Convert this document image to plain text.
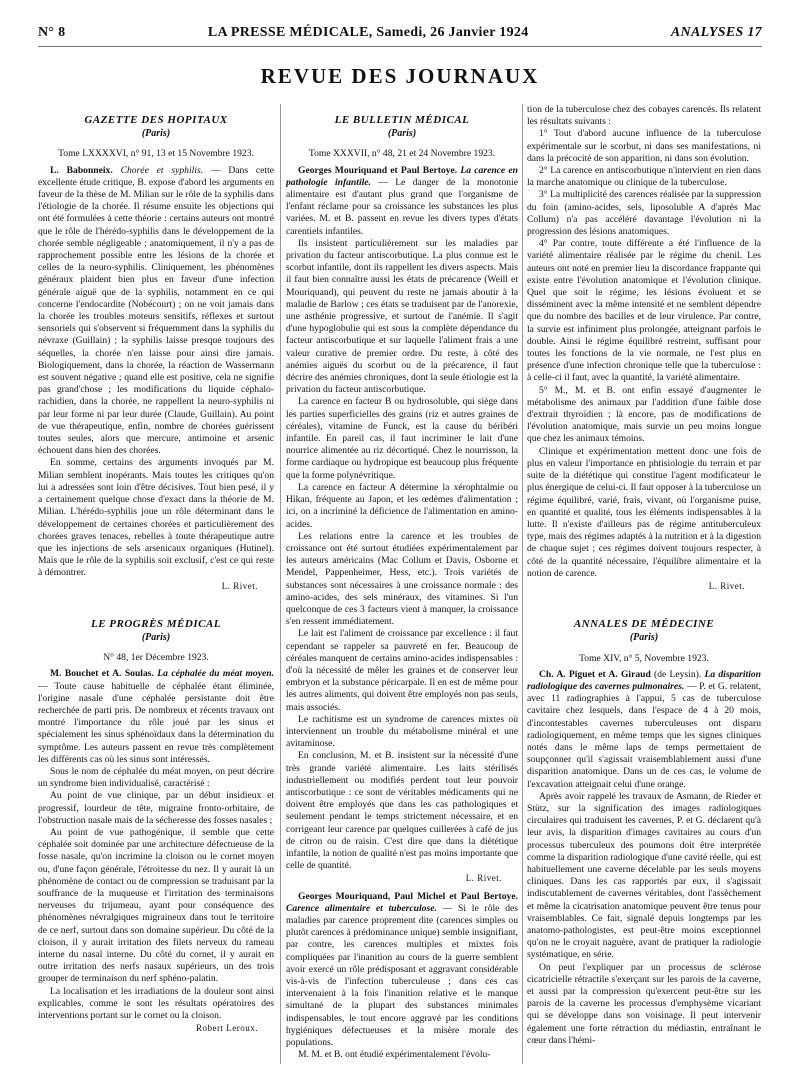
N° 8	LA PRESSE MÉDICALE, Samedi, 26 Janvier 1924	ANALYSES 17
REVUE DES JOURNAUX
GAZETTE DES HOPITAUX
(Paris)
Tome LXXXXVI, n° 91, 13 et 15 Novembre 1923.

L. Babonneix. Chorée et syphilis. — Dans cette excellente étude critique, B. expose d'abord les arguments en faveur de la thèse de M. Milian sur le rôle de la syphilis dans l'étiologie de la chorée. Il résume ensuite les objections qui ont été formulées à cette théorie : certains auteurs ont montré que le rôle de l'hérédo-syphilis dans le développement de la chorée semble négligeable ; anatomiquement, il n'y a pas de rapprochement possible entre les lésions de la chorée et celles de la neuro-syphilis. Cliniquement, les phénomènes généraux plaident bien plus en faveur d'une infection générale aiguë que de la syphilis, notamment en ce qui concerne l'endocardite (Nobécourt) ; on ne voit jamais dans la chorée les troubles moteurs sensitifs, réflexes et surtout sensoriels qui s'observent si fréquemment dans la syphilis du névraxe (Guillain) ; la syphilis laisse presque toujours des séquelles, la chorée n'en laisse pour ainsi dire jamais. Biologiquement, dans la chorée, la réaction de Wassermann est souvent négative ; quand elle est positive, cela ne signifie pas grand'chose ; les modifications du liquide céphalo-rachidien, dans la chorée, ne rappellent la neuro-syphilis ni par leur forme ni par leur durée (Claude, Guillain). Au point de vue thérapeutique, enfin, nombre de chorées guérissent toutes seules, alors que mercure, antimoine et arsenic échouent dans bien des chorées.

En somme, certains des arguments invoqués par M. Milian semblent inopérants. Mais toutes les critiques qu'on lui a adressées sont loin d'être décisives. Tout bien pesé, il y a certainement quelque chose d'exact dans la théorie de M. Milian. L'hérédo-syphilis joue un rôle déterminant dans le développement de certaines chorées et particulièrement des chorées graves tenaces, rebelles à toute thérapeutique autre que les injections de sels arsenicaux organiques (Hutinel). Mais que le rôle de la syphilis soit exclusif, c'est ce qui reste à démontrer.

L. Rivet.
LE PROGRÈS MÉDICAL
(Paris)
N° 48, 1er Décembre 1923.

M. Bouchet et A. Soulas. La céphalée du méat moyen. — Toute cause habituelle de céphalée étant éliminée, l'origine nasale d'une céphalée persistante doit être recherchée de parti pris. De nombreux et récents travaux ont montré l'importance du rôle joué par les sinus et spécialement les sinus sphénoïdaux dans la détermination du symptôme. Les auteurs passent en revue très complètement les différents cas où les sinus sont intéressés.

Sous le nom de céphalée du méat moyen, on peut décrire un syndrome bien individualisé, caractérisé :

Au point de vue clinique, par un début insidieux et progressif, lourdeur de tête, migraine fronto-orbitaire, de l'obstruction nasale mais de la sécheresse des fosses nasales ;

Au point de vue pathogénique, il semble que cette céphalée soit dominée par une architecture défectueuse de la fosse nasale, qu'on incrimine la cloison ou le cornet moyen ou, d'une façon générale, l'étroitesse du nez. Il y aurait là un phénomène de contact ou de compression se traduisant par la souffrance de la muqueuse et l'irritation des terminaisons nerveuses du trijumeau, ayant pour conséquence des phénomènes névralgiques migraineux dans tout le territoire de ce nerf, surtout dans son domaine supérieur. Du côté de la cloison, il y aurait irritation des filets nerveux du rameau interne du nasal interne. Du côté du cornet, il y aurait en outre irritation des nerfs nasaux supérieurs, un des trois grouper de terminaison du nerf sphéno-palatin.

La localisation et les irradiations de la douleur sont ainsi explicables, comme le sont les résultats opératoires des interventions portant sur le cornet ou la cloison.

Robert Leroux.
LE BULLETIN MÉDICAL
(Paris)
Tome XXXVII, n° 48, 21 et 24 Novembre 1923.

Georges Mouriquand et Paul Bertoye. La carence en pathologie infantile. — Le danger de la monotonie alimentaire est d'autant plus grand que l'organisme de l'enfant réclame pour sa croissance les substances les plus variées. M. et B. passent en revue les divers types d'états carentiels infantiles.

Ils insistent particulièrement sur les maladies par privation du facteur antiscorbutique. La plus connue est le scorbut infantile, dont ils rappellent les divers aspects. Mais il faut bien connaître aussi les états de précarence (Weill et Mouriquand), qui peuvent du reste ne jamais aboutir à la maladie de Barlow ; ces états se traduisent par de l'anorexie, une asthénie progressive, et surtout de l'anémie. Il s'agit d'une hypoglobulie qui est sous la complète dépendance du facteur antiscorbutique et sur laquelle l'aliment frais a une valeur curative de premier ordre. Du reste, à côté des anémies aiguës du scorbut ou de la précarence, il faut décrire des anémies chroniques, dont la seule étiologie est la privation du facteur antiscorbutique.

La carence en facteur B ou hydrosoluble, qui siège dans les parties superficielles des grains (riz et autres graines de céréales), vitamine de Funck, est la cause du béribéri infantile. En pareil cas, il faut incriminer le lait d'une nourrice alimentée au riz décortiqué. Chez le nourrisson, la forme cardiaque ou hydropique est beaucoup plus fréquente que la forme polynévritique.

La carence en facteur A détermine la xérophtalmie ou Hikan, fréquente au Japon, et les œdèmes d'alimentation ; ici, on a incriminé la déficience de l'alimentation en amino-acides.

Les relations entre la carence et les troubles de croissance ont été surtout étudiées expérimentalement par les auteurs américains (Mac Collum et Davis, Osborne et Mendel, Pappenheimer, Hess, etc.). Trois variétés de substances sont nécessaires à une croissance normale : des amino-acides, des sels minéraux, des vitamines. Si l'un quelconque de ces 3 facteurs vient à manquer, la croissance s'en ressent immédiatement.

Le lait est l'aliment de croissance par excellence : il faut cependant se rappeler sa pauvreté en fer. Beaucoup de céréales manquent de certains amino-acides indispensables : d'où la nécessité de mêler les graines et de conserver leur embryon et la substance péricarpale. Il en est de même pour les autres aliments, qui doivent être employés non pas seuls, mais associés.

Le rachitisme est un syndrome de carences mixtes où interviennent un trouble du métabolisme minéral et une avitaminose.

En conclusion, M. et B. insistent sur la nécessité d'une très grande variété alimentaire. Les laits stérilisés industriellement ou modifiés perdent tout leur pouvoir antiscorbutique : ce sont de véritables médicaments qui ne doivent être employés que dans les cas pathologiques et seulement pendant le temps strictement nécessaire, et en corrigeant leur carence par quelques cuillerées à café de jus de citron ou de raisin. C'est dire que dans la diététique infantile, la notion de qualité n'est pas moins importante que celle de quantité.

L. Rivet.

Georges Mouriquand, Paul Michel et Paul Bertoye. Carence alimentaire et tuberculose. — Si le rôle des maladies par carence proprement dite (carences simples ou plutôt carences à prédominance unique) semble insignifiant, par contre, les carences multiples et mixtes fois compliquées par l'inanition au cours de la guerre semblent avoir exercé un rôle prédisposant et aggravant considérable vis-à-vis de l'infection tuberculeuse ; dans ces cas intervenaient à la fois l'inanition relative et le manque simultané de la plupart des substances minimales indispensables, le tout encore aggravé par les conditions hygiéniques défectueuses et la misère morale des populations.

M. M. et B. ont étudié expérimentalement l'évolu-

tion de la tuberculose chez des cobayes carencés. Ils relatent les résultats suivants :

1° Tout d'abord aucune influence de la tuberculose expérimentale sur le scorbut, ni dans ses manifestations, ni dans la précocité de son apparition, ni dans son évolution.

2° La carence en antiscorbutique n'intervient en rien dans la marche anatomique ou clinique de la tuberculose.

3° La multiplicité des carences réalisée par la suppression du foin (amino-acides, sels, liposoluble A d'après Mac Collum) n'a pas accéléré davantage l'évolution ni la progression des lésions anatomiques.

4° Par contre, toute différente a été l'influence de la variété alimentaire réalisée par le régime du chenil. Les auteurs ont noté en premier lieu la discordance frappante qui existe entre l'évolution anatomique et l'évolution clinique. Quel que soit le régime, les lésions évoluent et se disséminent avec la même intensité et ne semblent dépendre que du nombre des bacilles et de leur virulence. Par contre, la survie est infiniment plus prolongée, atteignant parfois le double. Ainsi le régime équilibré restreint, suffisant pour toutes les fonctions de la vie normale, ne l'est plus en présence d'une infection chronique telle que la tuberculose : à celle-ci il faut, avec la quantité, la variété alimentaire.

5° M., M. et B. ont enfin essayé d'augmenter le métabolisme des animaux par l'addition d'une faible dose d'extrait thyroïdien ; là encore, pas de modifications de l'évolution anatomique, mais survie un peu moins longue que chez les animaux témoins.

Clinique et expérimentation mettent donc une fois de plus en valeur l'importance en phtisiologie du terrain et par suite de la diététique qui constitue l'agent modificateur le plus énergique de celui-ci. Il faut opposer à la tuberculose un régime équilibré, varié, frais, vivant, où l'organisme puise, en quantité et qualité, tous les éléments indispensables à la lutte. Il n'existe d'ailleurs pas de régime antituberculeux type, mais des régimes adaptés à la nutrition et à la digestion de chaque sujet ; ces régimes doivent toujours respecter, à côté de la quantité nécessaire, l'équilibre alimentaire et la notion de carence.

L. Rivet.
ANNALES DE MÉDECINE
(Paris)
Tome XIV, n° 5, Novembre 1923.

Ch. A. Piguet et A. Giraud (de Leysin). La disparition radiologique des cavernes pulmonaires. — P. et G. relatent, avec 11 radiographies à l'appui, 5 cas de tuberculose cavitaire chez lesquels, dans l'espace de 4 à 20 mois, d'incontestables cavernes tuberculeuses ont disparu radiologiquement, en même temps que les signes cliniques notés dans le même laps de temps permettaient de soupçonner qu'il s'agissait vraisemblablement aussi d'une disparition anatomique. Dans un de ces cas, le volume de l'excavation atteignait celui d'une orange.

Après avoir rappelé les travaux de Asmann, de Rieder et Stütz, sur la signification des images radiologiques circulaires qui traduisent les cavernes, P. et G. déclarent qu'à leur avis, la disparition d'images cavitaires au cours d'un processus tuberculeux des poumons doit être interprétée comme la disparition radiologique d'une cavité réelle, qui est habituellement une caverne décelable par les seuls moyens cliniques. Dans les cas rapportés par eux, il s'agissait indiscutablement de cavernes véritables, dont l'assèchement et même la cicatrisation anatomique peuvent être tenus pour vraisemblables. Ce fait, signalé depuis longtemps par les anatomo-pathologistes, est peut-être moins exceptionnel qu'on ne le croyait naguère, avant de pratiquer la radiologie systématique, en série.

On peut l'expliquer par un processus de sclérose cicatricielle rétractile s'exerçant sur les parois de la caverne, et aussi par la compression qu'exercent peut-être sur les parois de la caverne les processus d'emphysème vicariant qui se développe dans son voisinage. Il peut intervenir également une forte rétraction du médiastin, entraînant le cœur dans l'hémi-
